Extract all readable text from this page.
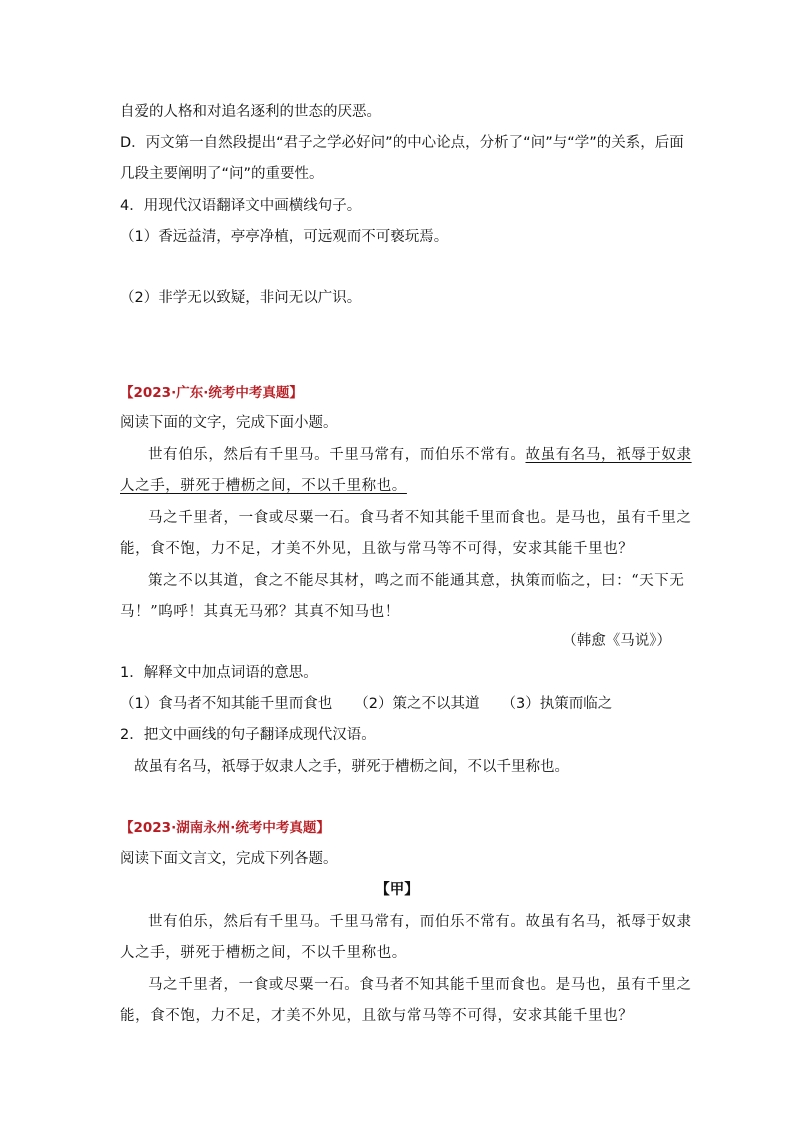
自爱的人格和对追名逐利的世态的厌恶。
D．丙文第一自然段提出“君子之学必好问”的中心论点，分析了“问”与“学”的关系，后面
几段主要阐明了“问”的重要性。
4．用现代汉语翻译文中画横线句子。
（1）香远益清，亭亭净植，可远观而不可亵玩焉。
（2）非学无以致疑，非问无以广识。
【2023·广东·统考中考真题】
阅读下面的文字，完成下面小题。
世有伯乐，然后有千里马。千里马常有，而伯乐不常有。故虽有名马，祇辱于奴隶
人之手，骈死于槽枥之间，不以千里称也。
马之千里者，一食或尽粟一石。食马者不知其能千里而食也。是马也，虽有千里之
能，食不饱，力不足，才美不外见，且欲与常马等不可得，安求其能千里也？
策之不以其道，食之不能尽其材，鸣之而不能通其意，执策而临之，曰：“天下无
马！”呜呼！其真无马邪？其真不知马也！
（韩愈《马说》）
1．解释文中加点词语的意思。
（1）食马者不知其能千里而食也 （2）策之不以其道 （3）执策而临之
2．把文中画线的句子翻译成现代汉语。
故虽有名马，祇辱于奴隶人之手，骈死于槽枥之间，不以千里称也。
【2023·湖南永州·统考中考真题】
阅读下面文言文，完成下列各题。
【甲】
世有伯乐，然后有千里马。千里马常有，而伯乐不常有。故虽有名马，祇辱于奴隶
人之手，骈死于槽枥之间，不以千里称也。
马之千里者，一食或尽粟一石。食马者不知其能千里而食也。是马也，虽有千里之
能，食不饱，力不足，才美不外见，且欲与常马等不可得，安求其能千里也？
